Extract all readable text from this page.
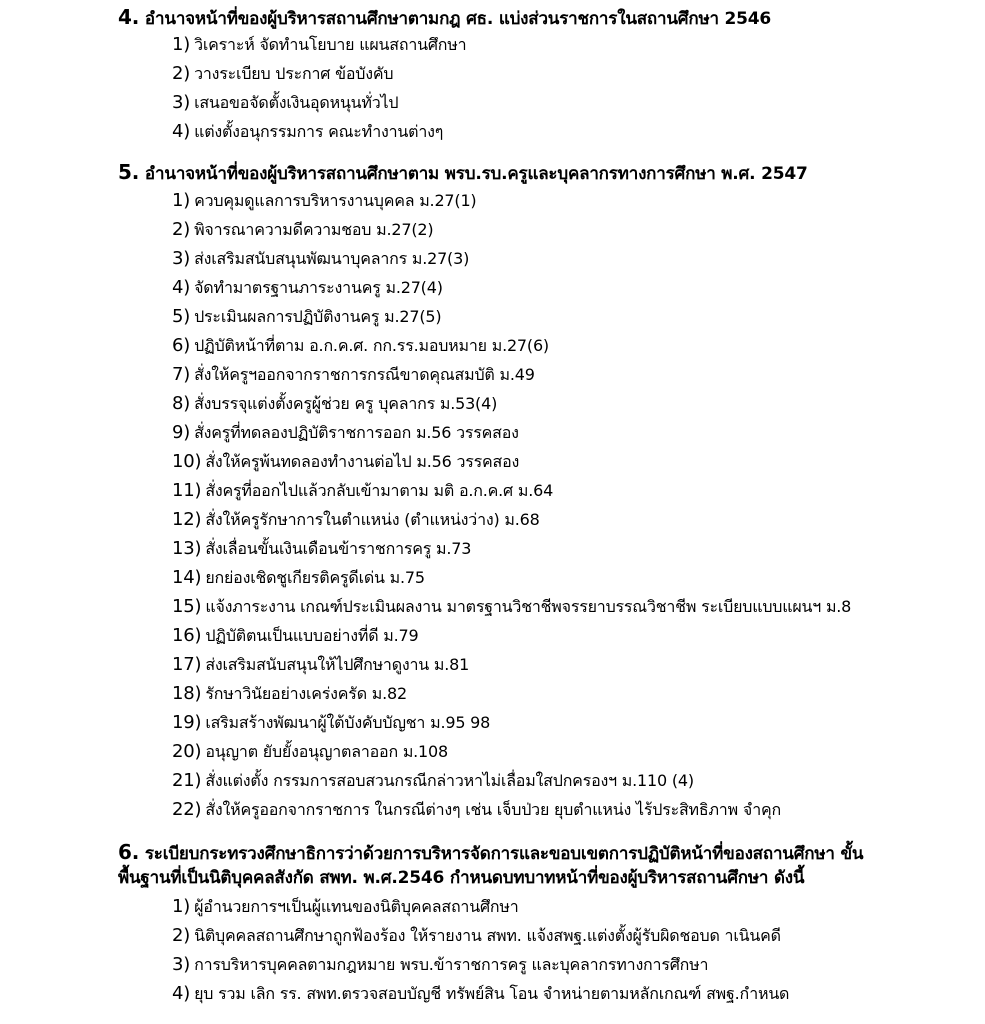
4. อำนาจหน้าที่ของผู้บริหารสถานศึกษาตามกฎ ศธ. แบ่งส่วนราชการในสถานศึกษา 2546
1) วิเคราะห์ จัดทำนโยบาย แผนสถานศึกษา
2) วางระเบียบ ประกาศ ข้อบังคับ
3) เสนอขอจัดตั้งเงินอุดหนุนทั่วไป
4) แต่งตั้งอนุกรรมการ คณะทำงานต่างๆ
5. อำนาจหน้าที่ของผู้บริหารสถานศึกษาตาม พรบ.รบ.ครูและบุคลากรทางการศึกษา พ.ศ. 2547
1) ควบคุมดูแลการบริหารงานบุคคล ม.27(1)
2) พิจารณาความดีความชอบ ม.27(2)
3) ส่งเสริมสนับสนุนพัฒนาบุคลากร ม.27(3)
4) จัดทำมาตรฐานภาระงานครู ม.27(4)
5) ประเมินผลการปฏิบัติงานครู ม.27(5)
6) ปฏิบัติหน้าที่ตาม อ.ก.ค.ศ. กก.รร.มอบหมาย ม.27(6)
7) สั่งให้ครูฯออกจากราชการกรณีขาดคุณสมบัติ ม.49
8) สั่งบรรจุแต่งตั้งครูผู้ช่วย ครู บุคลากร ม.53(4)
9) สั่งครูที่ทดลองปฏิบัติราชการออก ม.56 วรรคสอง
10) สั่งให้ครูพ้นทดลองทำงานต่อไป ม.56 วรรคสอง
11) สั่งครูที่ออกไปแล้วกลับเข้ามาตาม มติ อ.ก.ค.ศ ม.64
12) สั่งให้ครูรักษาการในตำแหน่ง (ตำแหน่งว่าง) ม.68
13) สั่งเลื่อนขั้นเงินเดือนข้าราชการครู ม.73
14) ยกย่องเชิดชูเกียรติครูดีเด่น ม.75
15) แจ้งภาระงาน เกณฑ์ประเมินผลงาน มาตรฐานวิชาชีพจรรยาบรรณวิชาชีพ ระเบียบแบบแผนฯ ม.8
16) ปฏิบัติตนเป็นแบบอย่างที่ดี ม.79
17) ส่งเสริมสนับสนุนให้ไปศึกษาดูงาน ม.81
18) รักษาวินัยอย่างเคร่งครัด ม.82
19) เสริมสร้างพัฒนาผู้ใต้บังคับบัญชา ม.95 98
20) อนุญาต ยับยั้งอนุญาตลาออก ม.108
21) สั่งแต่งตั้ง กรรมการสอบสวนกรณีกล่าวหาไม่เลื่อมใสปกครองฯ ม.110 (4)
22) สั่งให้ครูออกจากราชการ ในกรณีต่างๆ เช่น เจ็บป่วย ยุบตำแหน่ง ไร้ประสิทธิภาพ จำคุก
6. ระเบียบกระทรวงศึกษาธิการว่าด้วยการบริหารจัดการและขอบเขตการปฏิบัติหน้าที่ของสถานศึกษา ขั้น
พื้นฐานที่เป็นนิติบุคคลสังกัด สพท. พ.ศ.2546 กำหนดบทบาทหน้าที่ของผู้บริหารสถานศึกษา ดังนี้
1) ผู้อำนวยการฯเป็นผู้แทนของนิติบุคคลสถานศึกษา
2) นิติบุคคลสถานศึกษาถูกฟ้องร้อง ให้รายงาน สพท. แจ้งสพฐ.แต่งตั้งผู้รับผิดชอบด าเนินคดี
3) การบริหารบุคคลตามกฎหมาย พรบ.ข้าราชการครู และบุคลากรทางการศึกษา
4) ยุบ รวม เลิก รร. สพท.ตรวจสอบบัญชี ทรัพย์สิน โอน จำหน่ายตามหลักเกณฑ์ สพฐ.กำหนด
